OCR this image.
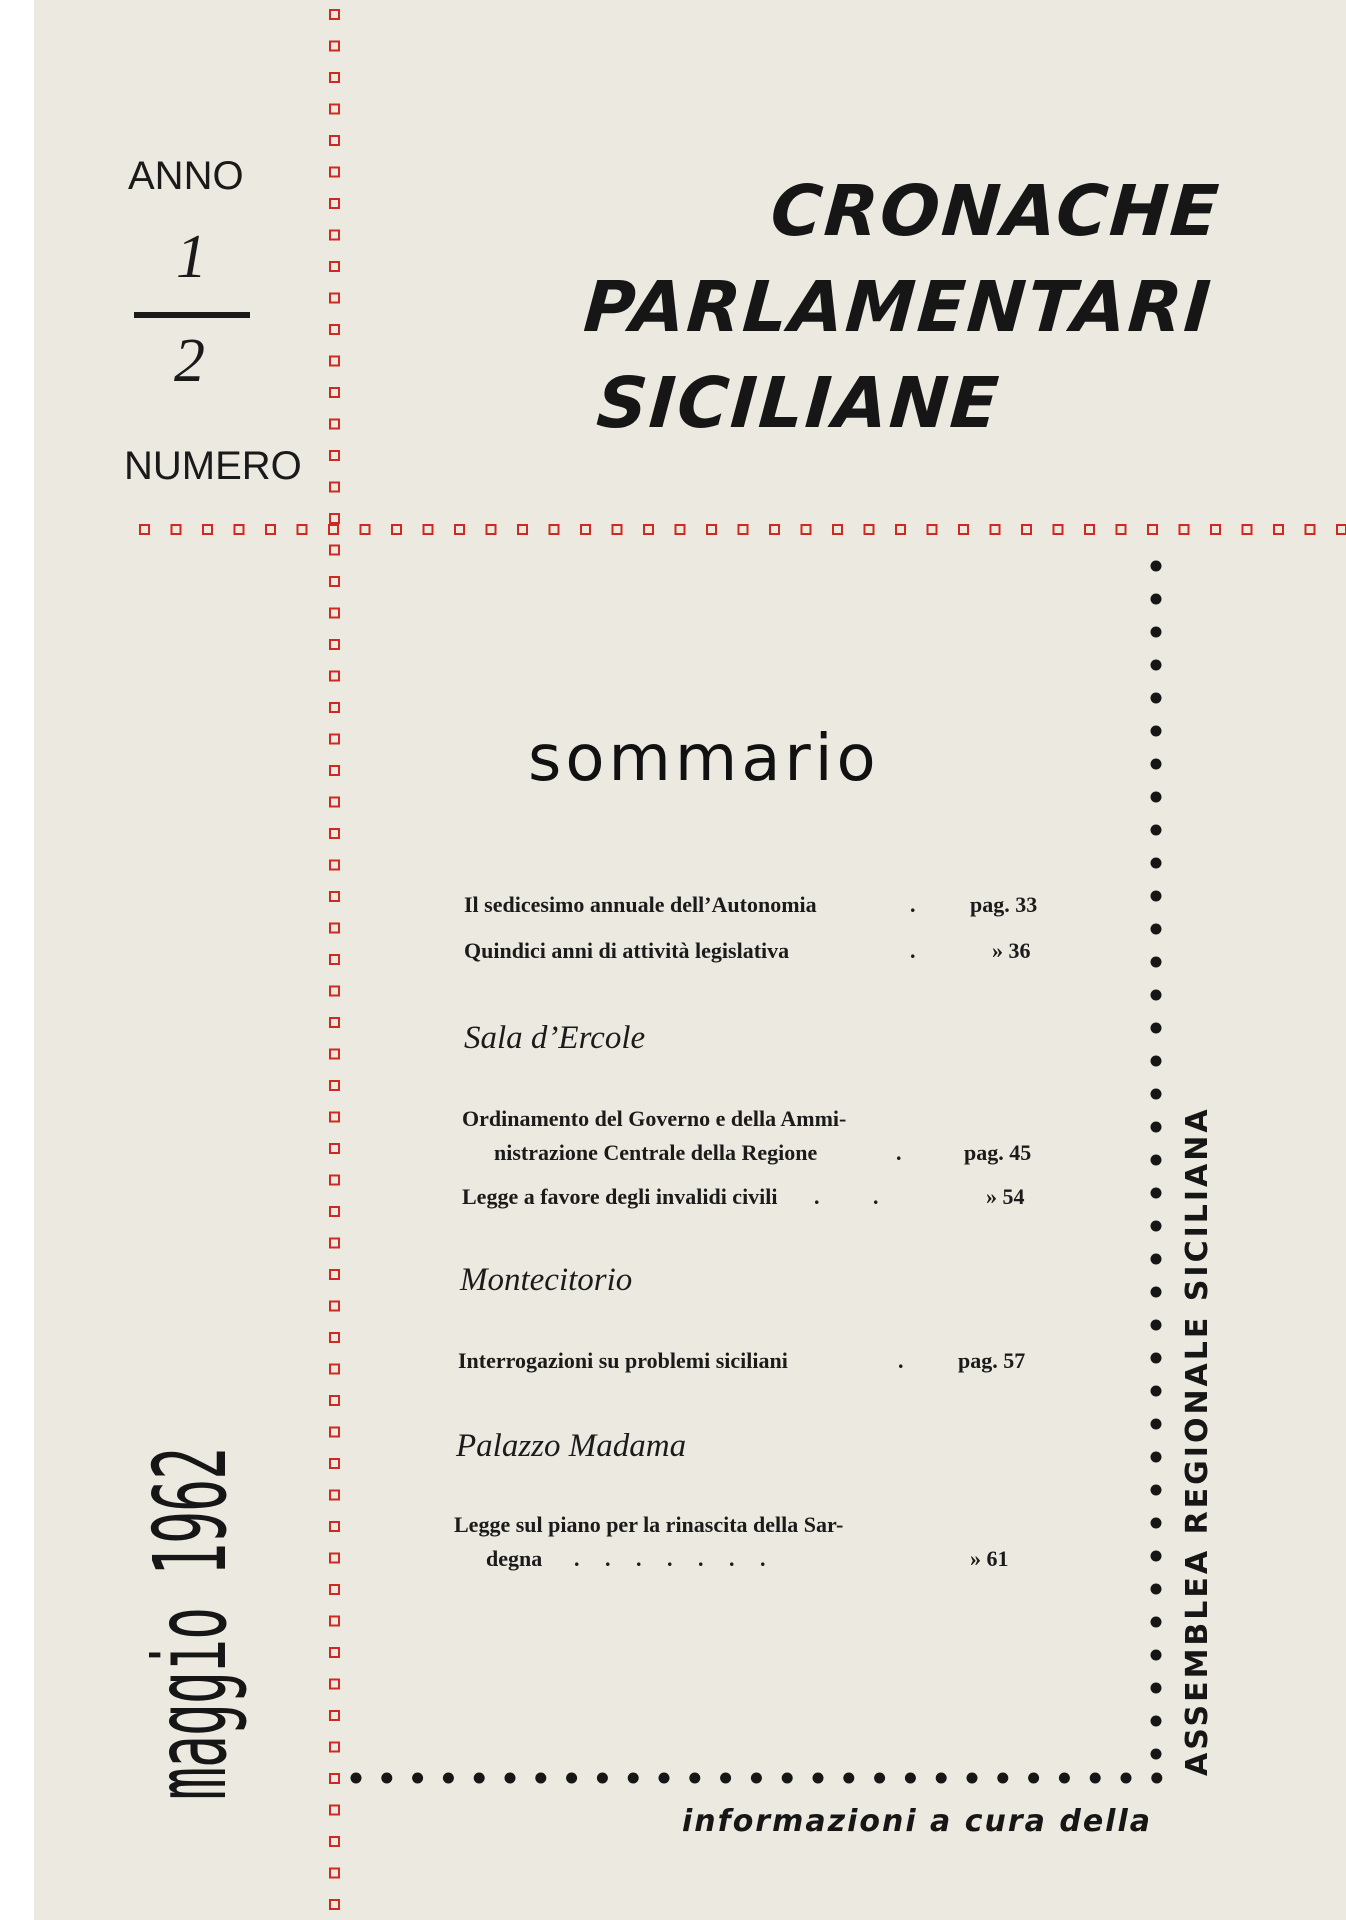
CRONACHE
PARLAMENTARI
SICILIANE
ANNO
1
2
NUMERO
sommario
Il sedicesimo annuale dell’Autonomia	. pag. 33
Quindici anni di attività legislativa	.	» 36
Sala d’Ercole
Ordinamento del Governo e della Ammi-
nistrazione Centrale della Regione	.	pag. 45
Legge a favore degli invalidi civili . .	» 54
Montecitorio
Interrogazioni su problemi siciliani	. pag. 57
Palazzo Madama
Legge sul piano per la rinascita della Sar-
degna . . . . . . .	» 61
maggio 1962	ASSEMBLEA REGIONALE SICILIANA
informazioni a cura della
